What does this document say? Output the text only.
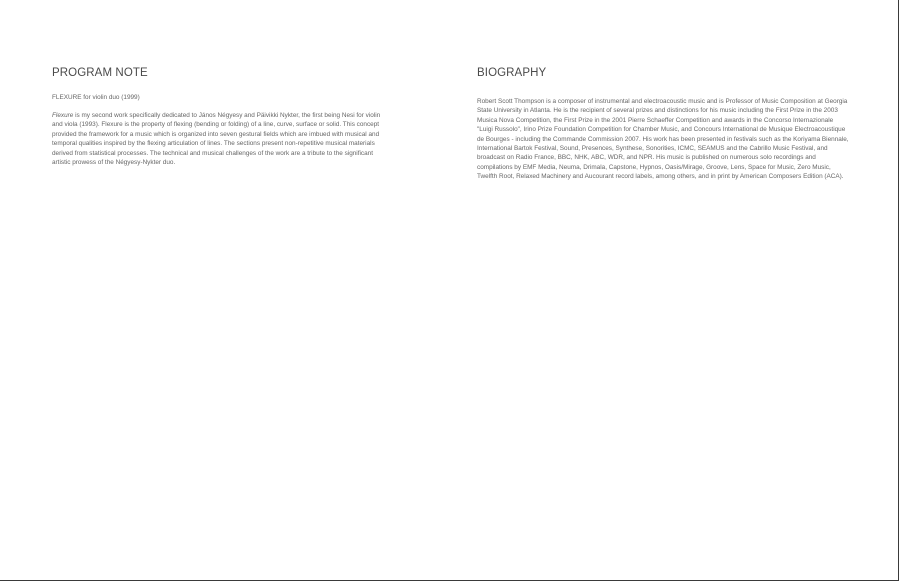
PROGRAM NOTE

FLEXURE for violin duo (1999)

Flexure is my second work specifically dedicated to János Négyesy and Päivikki Nykter, the first being Nesi for violin and viola (1993). Flexure is the property of flexing (bending or folding) of a line, curve, surface or solid. This concept provided the framework for a music which is organized into seven gestural fields which are imbued with musical and temporal qualities inspired by the flexing articulation of lines. The sections present non-repetitive musical materials derived from statistical processes. The technical and musical challenges of the work are a tribute to the significant artistic prowess of the Négyesy-Nykter duo.

BIOGRAPHY

Robert Scott Thompson is a composer of instrumental and electroacoustic music and is Professor of Music Composition at Georgia State University in Atlanta. He is the recipient of several prizes and distinctions for his music including the First Prize in the 2003 Musica Nova Competition, the First Prize in the 2001 Pierre Schaeffer Competition and awards in the Concorso Internazionale "Luigi Russolo", Irino Prize Foundation Competition for Chamber Music, and Concours International de Musique Electroacoustique de Bourges - including the Commande Commission 2007. His work has been presented in festivals such as the Koriyama Biennale, International Bartok Festival, Sound, Presences, Synthese, Sonorities, ICMC, SEAMUS and the Cabrillo Music Festival, and broadcast on Radio France, BBC, NHK, ABC, WDR, and NPR. His music is published on numerous solo recordings and compilations by EMF Media, Neuma, Drimala, Capstone, Hypnos, Oasis/Mirage, Groove, Lens, Space for Music, Zero Music, Twelfth Root, Relaxed Machinery and Aucourant record labels, among others, and in print by American Composers Edition (ACA).
